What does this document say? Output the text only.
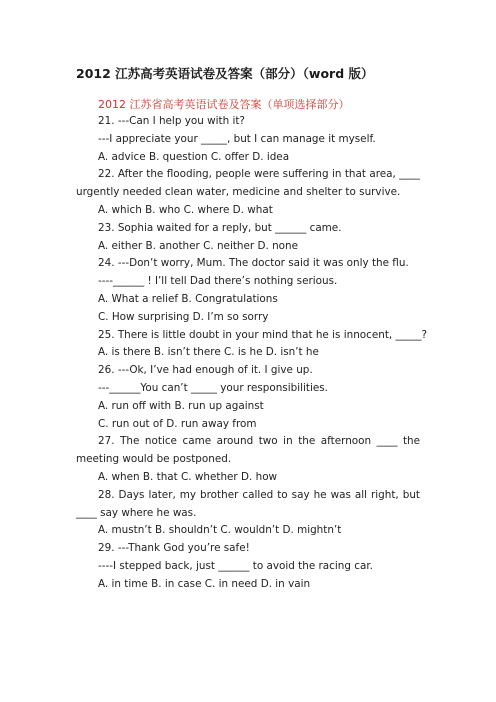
2012 江苏高考英语试卷及答案（部分）（word 版）
2012 江苏省高考英语试卷及答案（单项选择部分）
21. ---Can I help you with it?
---I appreciate your _____, but I can manage it myself.
A. advice B. question C. offer D. idea
22. After the flooding, people were suffering in that area, ____ urgently needed clean water, medicine and shelter to survive.
A. which B. who C. where D. what
23. Sophia waited for a reply, but ______ came.
A. either B. another C. neither D. none
24. ---Don’t worry, Mum. The doctor said it was only the flu.
----______ ! I’ll tell Dad there’s nothing serious.
A. What a relief B. Congratulations
C. How surprising D. I’m so sorry
25. There is little doubt in your mind that he is innocent, _____?
A. is there B. isn’t there C. is he D. isn’t he
26. ---Ok, I’ve had enough of it. I give up.
---______You can’t _____ your responsibilities.
A. run off with B. run up against
C. run out of D. run away from
27. The notice came around two in the afternoon ____ the meeting would be postponed.
A. when B. that C. whether D. how
28. Days later, my brother called to say he was all right, but ____ say where he was.
A. mustn’t B. shouldn’t C. wouldn’t D. mightn’t
29. ---Thank God you’re safe!
----I stepped back, just ______ to avoid the racing car.
A. in time B. in case C. in need D. in vain
